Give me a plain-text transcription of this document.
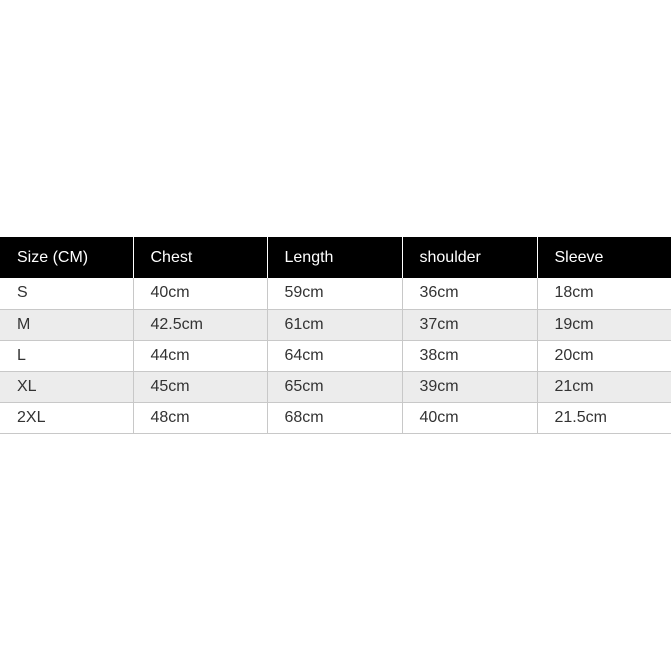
Size (CM)	Chest	Length	shoulder	Sleeve
S	40cm	59cm	36cm	18cm
M	42.5cm	61cm	37cm	19cm
L	44cm	64cm	38cm	20cm
XL	45cm	65cm	39cm	21cm
2XL	48cm	68cm	40cm	21.5cm
